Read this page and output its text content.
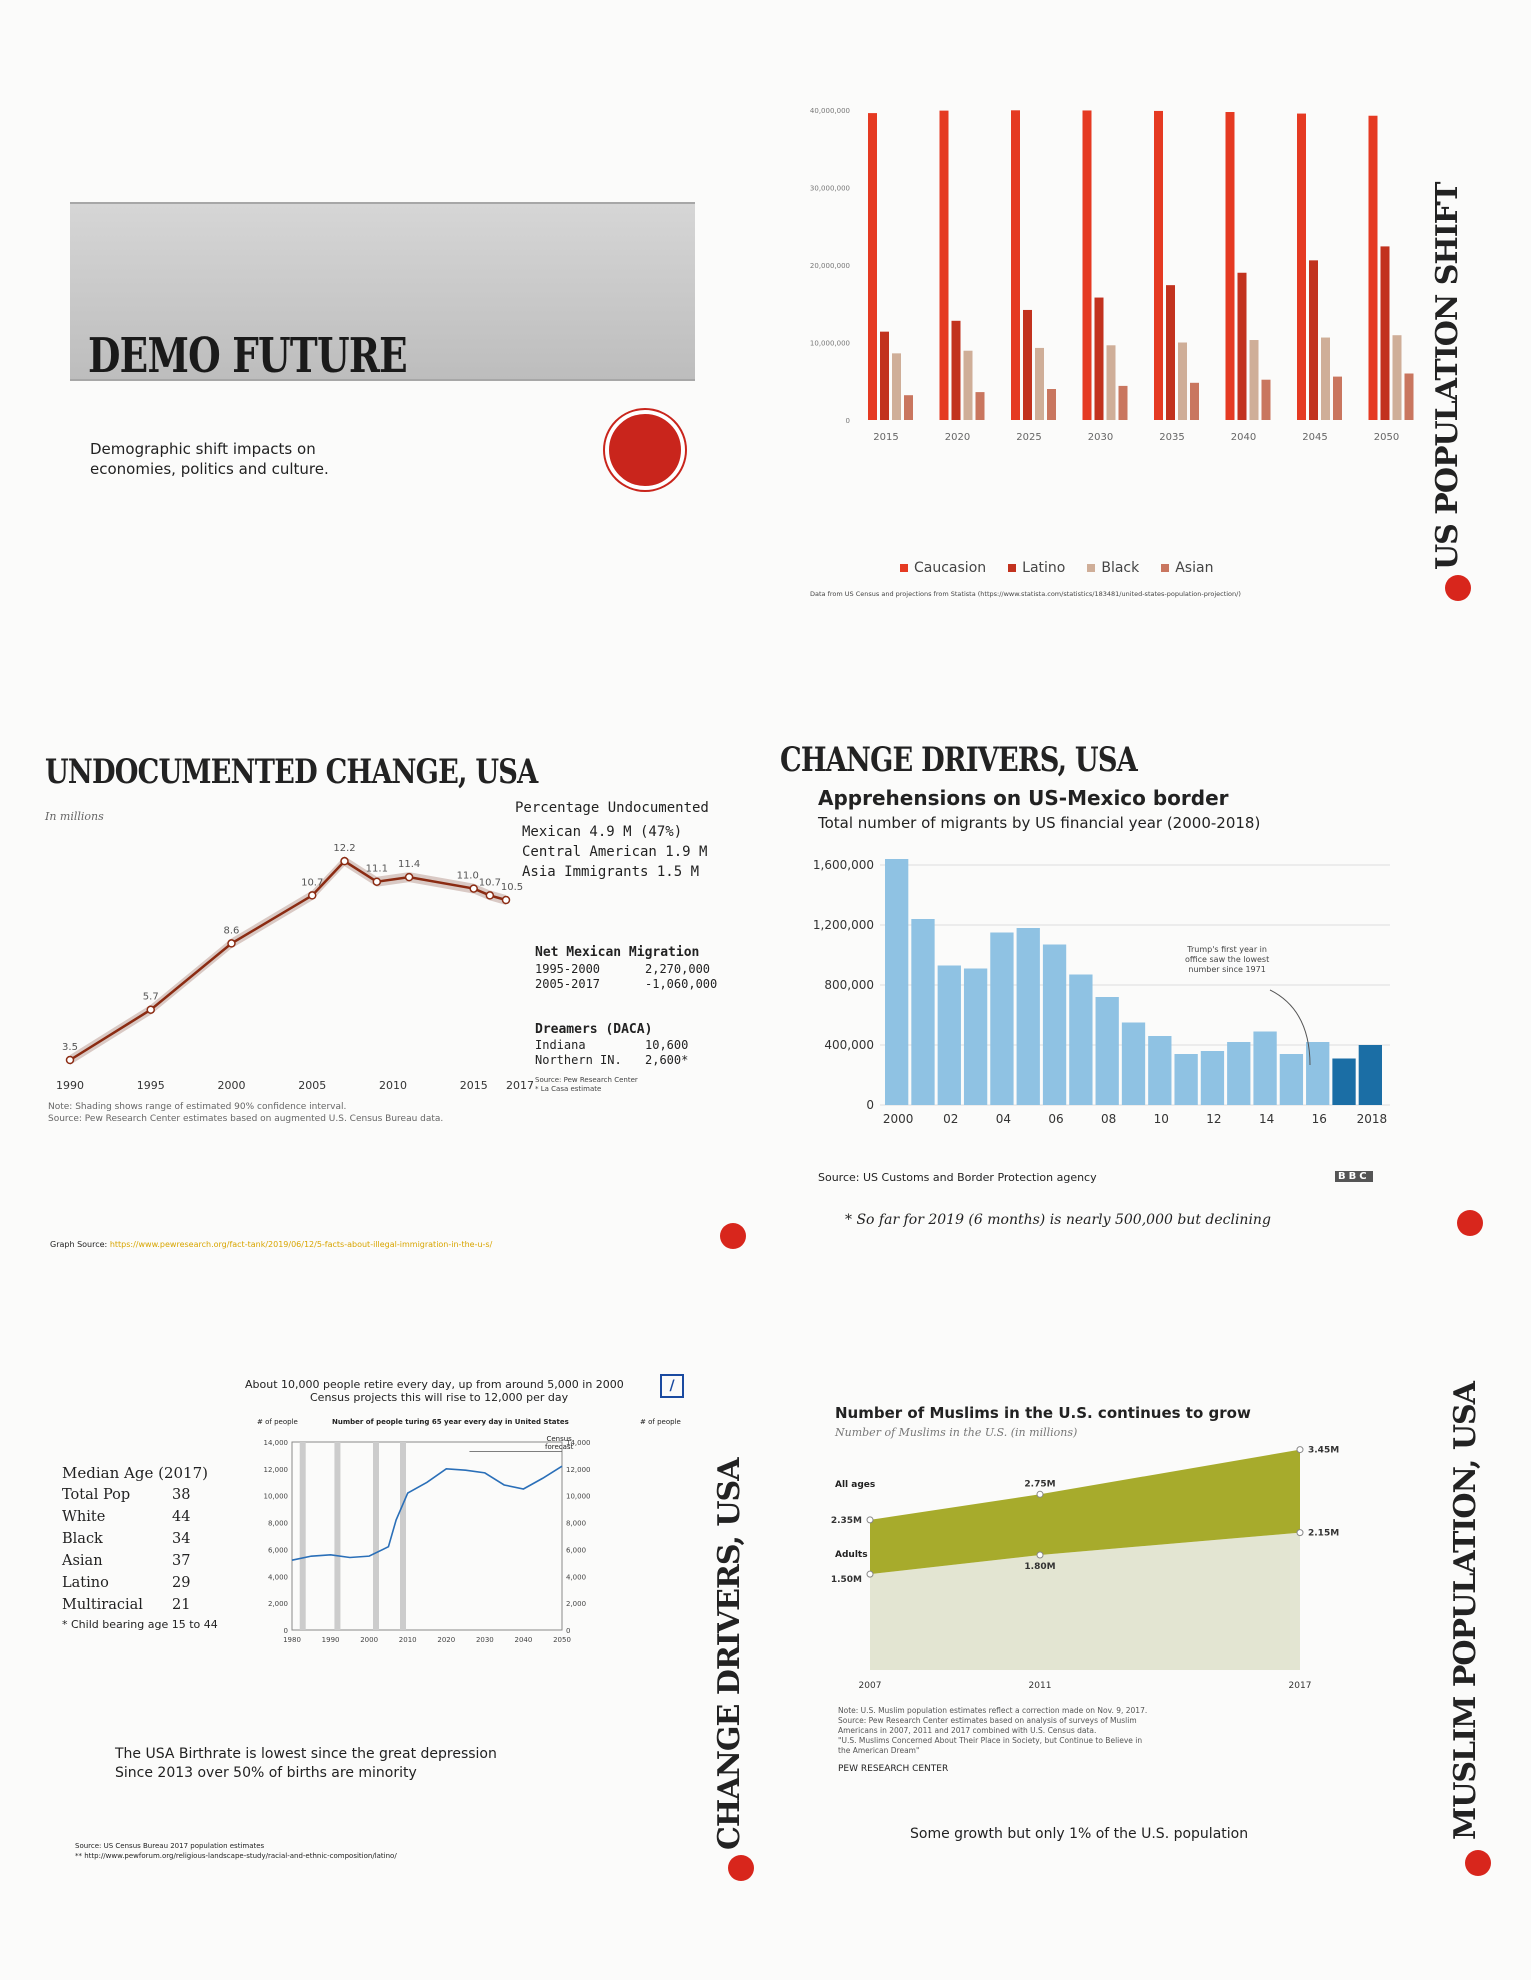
DEMO FUTURE
Demographic shift impacts on
economies, politics and culture.
40,000,000
30,000,000
20,000,000
10,000,000
0
2015	2020	2025	2030	2035	2040	2045	2050
Caucasion	Latino	Black	Asian
Data from US Census and projections from Statista (https://www.statista.com/statistics/183481/united-states-population-projection/)
US POPULATION SHIFT
UNDOCUMENTED CHANGE, USA
In millions
3.5
5.7
8.6
10.7
12.2
11.1 11.4
11.0
10.7 10.5
1990	1995	2000	2005	2010	2015 2017
Note: Shading shows range of estimated 90% confidence interval.
Source: Pew Research Center estimates based on augmented U.S. Census Bureau data.
Percentage Undocumented
Mexican 4.9 M (47%)
Central American 1.9 M
Asia Immigrants 1.5 M
Net Mexican Migration
1995-2000	2,270,000
2005-2017	-1,060,000
Dreamers (DACA)
Indiana	10,600
Northern IN. 2,600*
Source: Pew Research Center
* La Casa estimate
Graph Source: https://www.pewresearch.org/fact-tank/2019/06/12/5-facts-about-illegal-immigration-in-the-u-s/
CHANGE DRIVERS, USA
Apprehensions on US-Mexico border
Total number of migrants by US financial year (2000-2018)
1,600,000
1,200,000
800,000
400,000
0
2000 02	04	06	08	10	12	14	16 2018
Trump's first year in
office saw the lowest
number since 1971
Source: US Customs and Border Protection agency	BBC
* So far for 2019 (6 months) is nearly 500,000 but declining
About 10,000 people retire every day, up from around 5,000 in 2000
Census projects this will rise to 12,000 per day
/
# of people	Number of people turing 65 year every day in United States	# of people
14,000	14,000
12,000	12,000
10,000	10,000
8,000	8,000
6,000	6,000
4,000	4,000
2,000	2,000
0	0
1980	1990	2000	2010	2020	2030	2040	2050
Census
forecast
Median Age (2017)
Total Pop	38
White	44
Black	34
Asian	37
Latino	29
Multiracial 21
* Child bearing age 15 to 44
The USA Birthrate is lowest since the great depression
Since 2013 over 50% of births are minority
Source: US Census Bureau 2017 population estimates
** http://www.pewforum.org/religious-landscape-study/racial-and-ethnic-composition/latino/
CHANGE DRIVERS, USA
Number of Muslims in the U.S. continues to grow
Number of Muslims in the U.S. (in millions)
All ages
Adults
2.35M
2.75M
3.45M
1.50M
1.80M
2.15M
2007	2011	2017
Note: U.S. Muslim population estimates reflect a correction made on Nov. 9, 2017.
Source: Pew Research Center estimates based on analysis of surveys of Muslim
Americans in 2007, 2011 and 2017 combined with U.S. Census data.
"U.S. Muslims Concerned About Their Place in Society, but Continue to Believe in
the American Dream"
PEW RESEARCH CENTER
Some growth but only 1% of the U.S. population	MUSLIM POPULATION, USA
